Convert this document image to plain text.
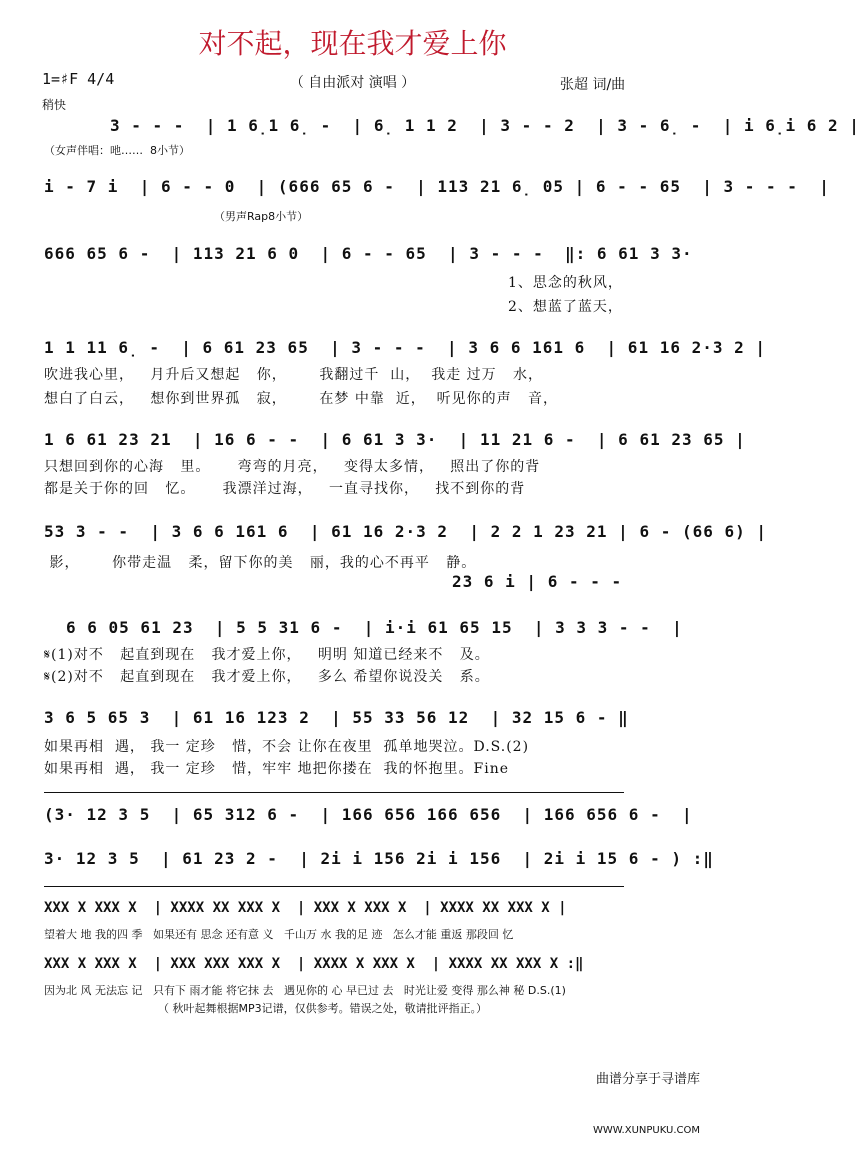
对不起，现在我才爱上你
（ 自由派对 演唱 ）	张超 词/曲
1=♯F 4/4
稍快
3 - - -  | 1 6̣1 6̣ -  | 6̣ 1 1 2  | 3 - - 2  | 3 - 6̣ -  | i 6̣i 6 2 |
（女声伴唱：吔……  8小节）
i - 7 i  | 6 - - 0  | (666 65 6 -  | 113 21 6̣ 05 | 6 - - 65  | 3 - - -  |
（男声Rap8小节）
666 65 6 -  | 113 21 6 0  | 6 - - 65  | 3 - - -  ‖: 6 61 3 3·
1、思念的秋风，
2、想蓝了蓝天，
1 1 11 6̣ -  | 6 61 23 65  | 3 - - -  | 3 6 6 161 6  | 61 16 2·3 2 |
吹进我心里，   月升后又想起   你，      我翻过千  山，  我走 过万   水，
想白了白云，   想你到世界孤   寂，      在梦 中靠  近，  听见你的声   音，
1 6 61 23 21  | 16 6 - -  | 6 61 3 3·  | 11 21 6 -  | 6 61 23 65 |
只想回到你的心海   里。     弯弯的月亮，   变得太多情，   照出了你的背
都是关于你的回   忆。     我漂洋过海，   一直寻找你，   找不到你的背
53 3 - -  | 3 6 6 161 6  | 61 16 2·3 2  | 2 2 1 23 21 | 6 - (66 6) |
影，      你带走温   柔，留下你的美   丽，我的心不再平   静。
23 6 i | 6 - - -
6 6 05 61 23  | 5 5 31 6 -  | i·i 61 65 15  | 3 3 3 - -  |
𝄋(1)对不   起直到现在   我才爱上你，   明明 知道已经来不   及。
𝄋(2)对不   起直到现在   我才爱上你，   多么 希望你说没关   系。
3 6 5 65 3  | 61 16 123 2  | 55 33 56 12  | 32 15 6 - ‖
如果再相  遇， 我一 定珍   惜，不会 让你在夜里  孤单地哭泣。D.S.(2)
如果再相  遇， 我一 定珍   惜，牢牢 地把你搂在  我的怀抱里。Fine
(3· 12 3 5  | 65 312 6 -  | 166 656 166 656  | 166 656 6 -  |
3· 12 3 5  | 61 23 2 -  | 2i i 156 2i i 156  | 2i i 15 6 - ) :‖
XXX X XXX X  | XXXX XX XXX X  | XXX X XXX X  | XXXX XX XXX X |
望着大 地 我的四 季   如果还有 思念 还有意 义   千山万 水 我的足 迹   怎么才能 重返 那段回 忆
XXX X XXX X  | XXX XXX XXX X  | XXXX X XXX X  | XXXX XX XXX X :‖
因为北 风 无法忘 记   只有下 雨才能 将它抹 去   遇见你的 心 早已过 去   时光让爱 变得 那么神 秘 D.S.(1)
（ 秋叶起舞根据MP3记谱，仅供参考。错误之处，敬请批评指正。）

曲谱分享于寻谱库

WWW.XUNPUKU.COM
